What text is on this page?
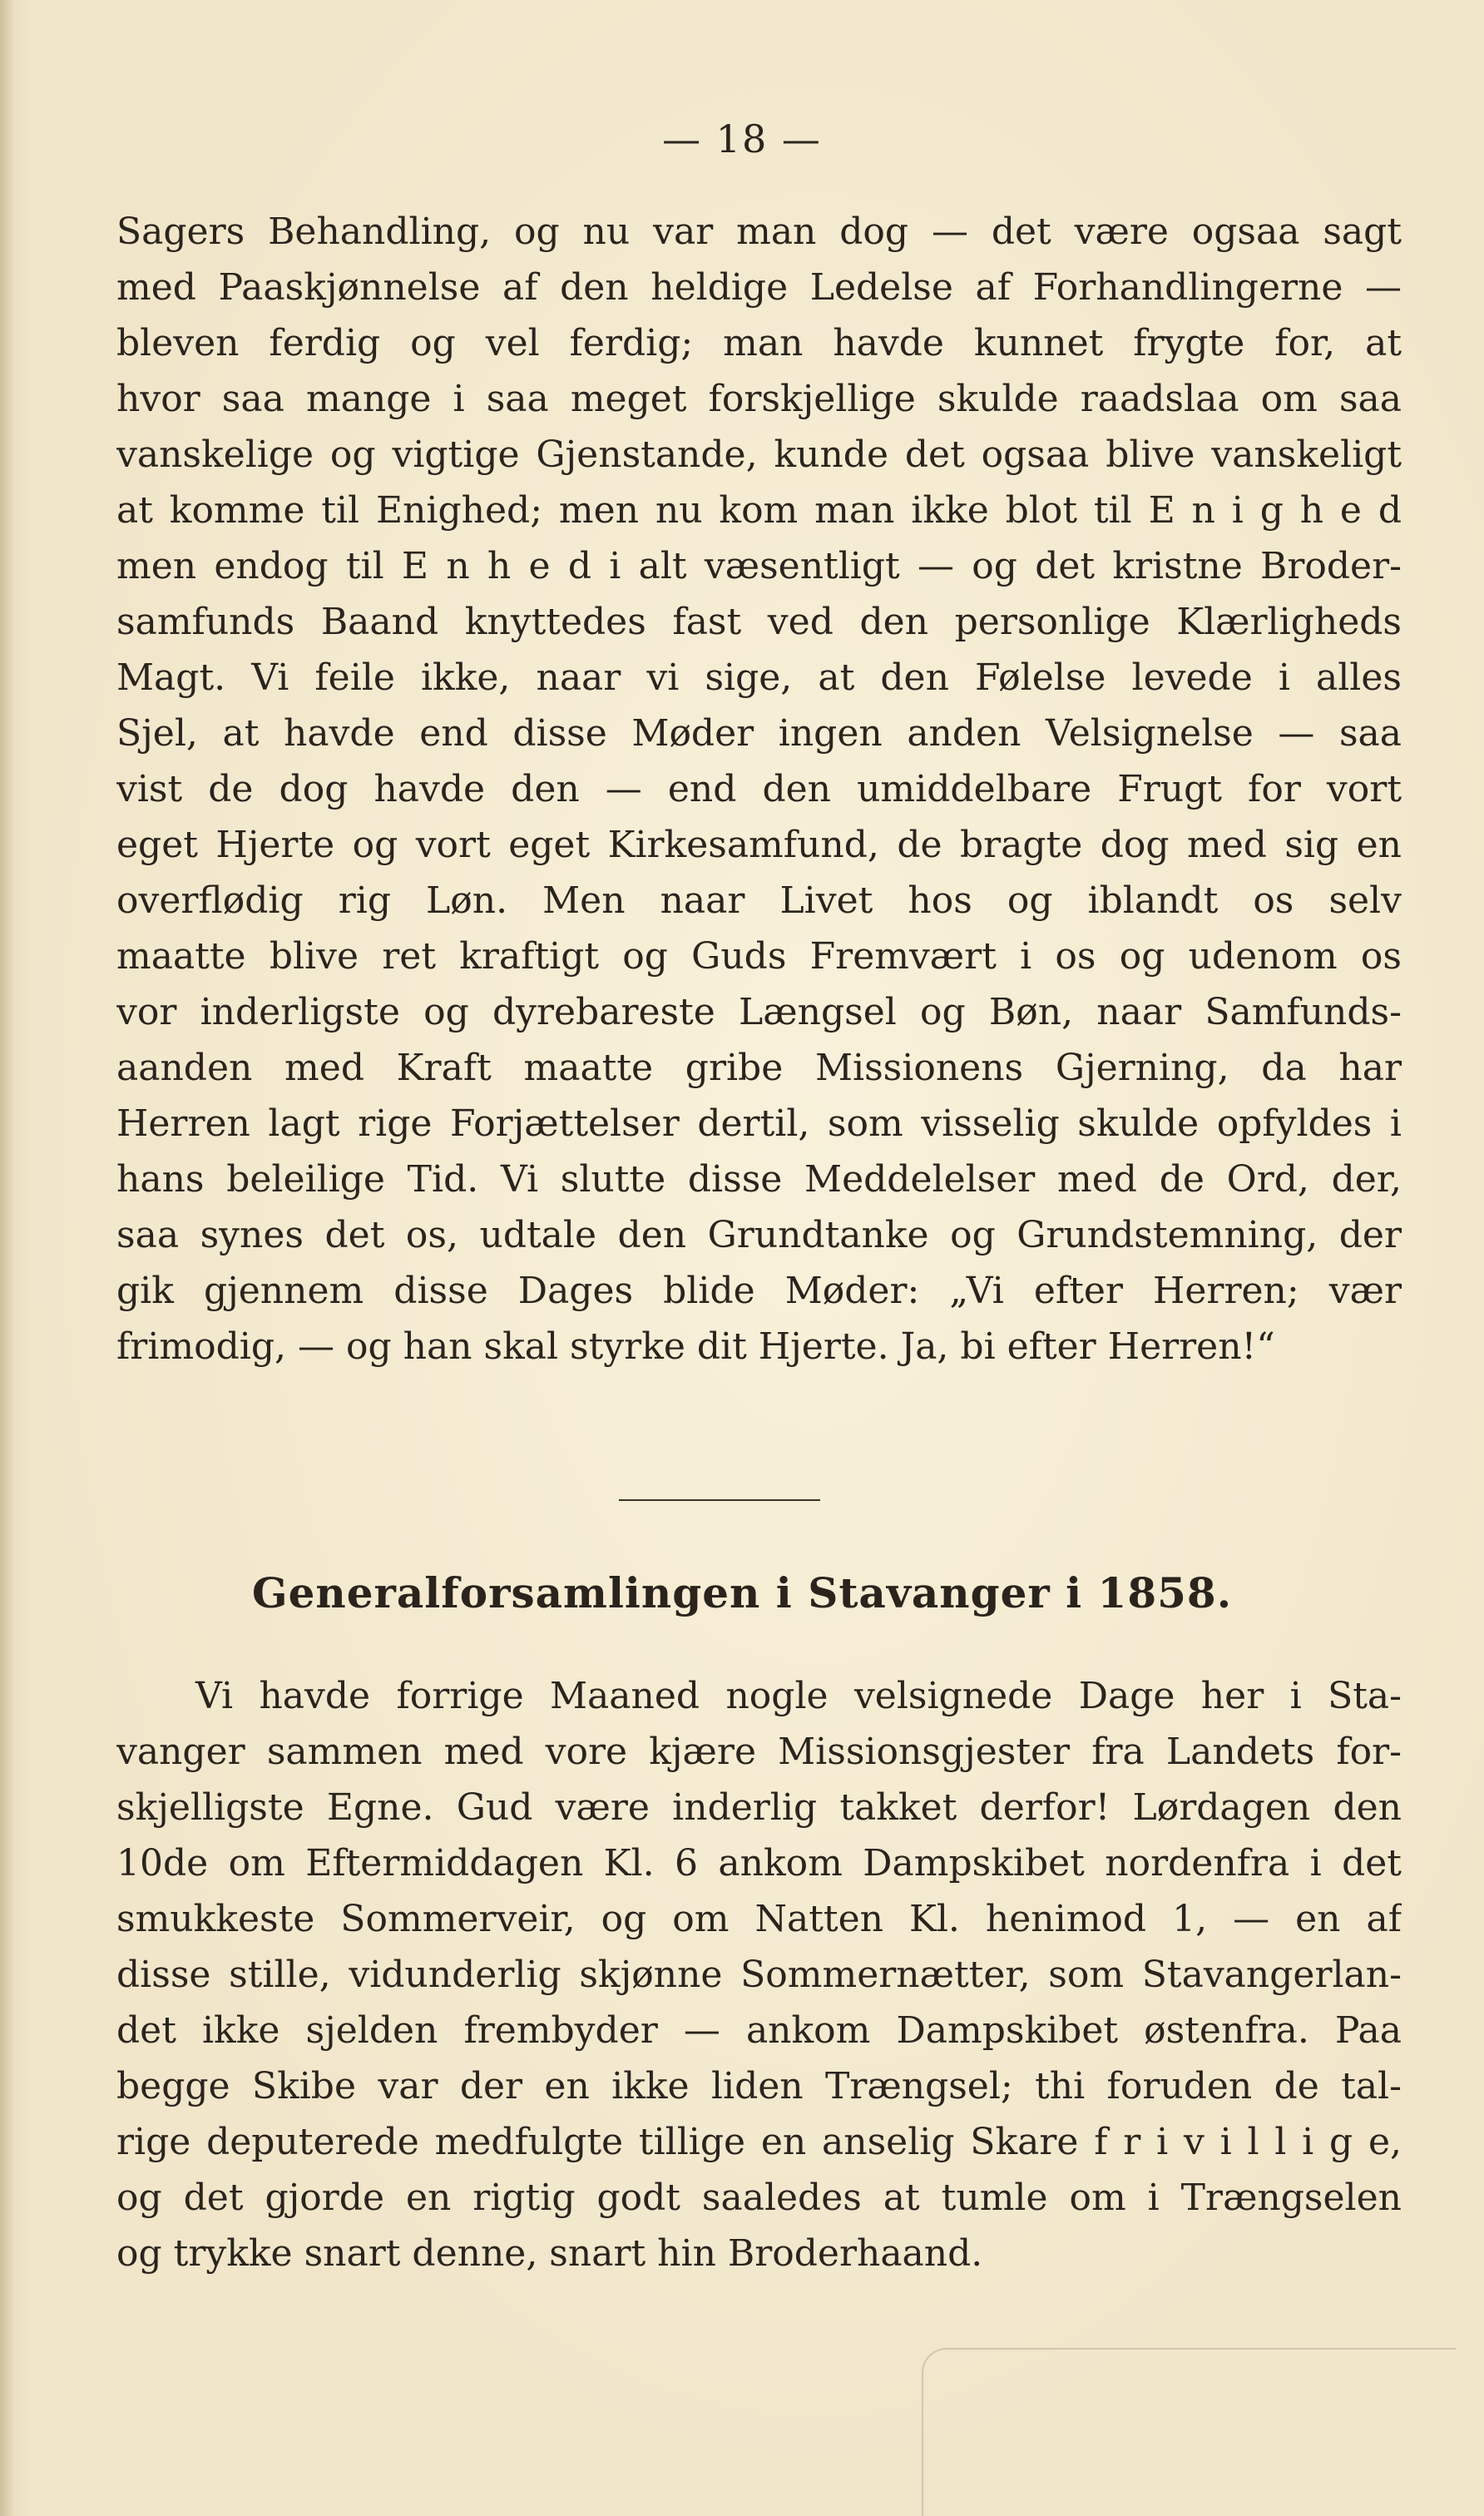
— 18 —
Sagers Behandling, og nu var man dog — det være ogsaa sagt
med Paaskjønnelse af den heldige Ledelse af Forhandlingerne —
bleven ferdig og vel ferdig; man havde kunnet frygte for, at
hvor saa mange i saa meget forskjellige skulde raadslaa om saa
vanskelige og vigtige Gjenstande, kunde det ogsaa blive vanskeligt
at komme til Enighed; men nu kom man ikke blot til E n i g h e d
men endog til E n h e d i alt væsentligt — og det kristne Broder-
samfunds Baand knyttedes fast ved den personlige Klærligheds
Magt. Vi feile ikke, naar vi sige, at den Følelse levede i alles
Sjel, at havde end disse Møder ingen anden Velsignelse — saa
vist de dog havde den — end den umiddelbare Frugt for vort
eget Hjerte og vort eget Kirkesamfund, de bragte dog med sig en
overflødig rig Løn. Men naar Livet hos og iblandt os selv
maatte blive ret kraftigt og Guds Fremvært i os og udenom os
vor inderligste og dyrebareste Længsel og Bøn, naar Samfunds-
aanden med Kraft maatte gribe Missionens Gjerning, da har
Herren lagt rige Forjættelser dertil, som visselig skulde opfyldes i
hans beleilige Tid. Vi slutte disse Meddelelser med de Ord, der,
saa synes det os, udtale den Grundtanke og Grundstemning, der
gik gjennem disse Dages blide Møder: „Vi efter Herren; vær
frimodig, — og han skal styrke dit Hjerte. Ja, bi efter Herren!“
Generalforsamlingen i Stavanger i 1858.
Vi havde forrige Maaned nogle velsignede Dage her i Sta-
vanger sammen med vore kjære Missionsgjester fra Landets for-
skjelligste Egne. Gud være inderlig takket derfor! Lørdagen den
10de om Eftermiddagen Kl. 6 ankom Dampskibet nordenfra i det
smukkeste Sommerveir, og om Natten Kl. henimod 1, — en af
disse stille, vidunderlig skjønne Sommernætter, som Stavangerlan-
det ikke sjelden frembyder — ankom Dampskibet østenfra. Paa
begge Skibe var der en ikke liden Trængsel; thi foruden de tal-
rige deputerede medfulgte tillige en anselig Skare f r i v i l l i g e,
og det gjorde en rigtig godt saaledes at tumle om i Trængselen
og trykke snart denne, snart hin Broderhaand.
